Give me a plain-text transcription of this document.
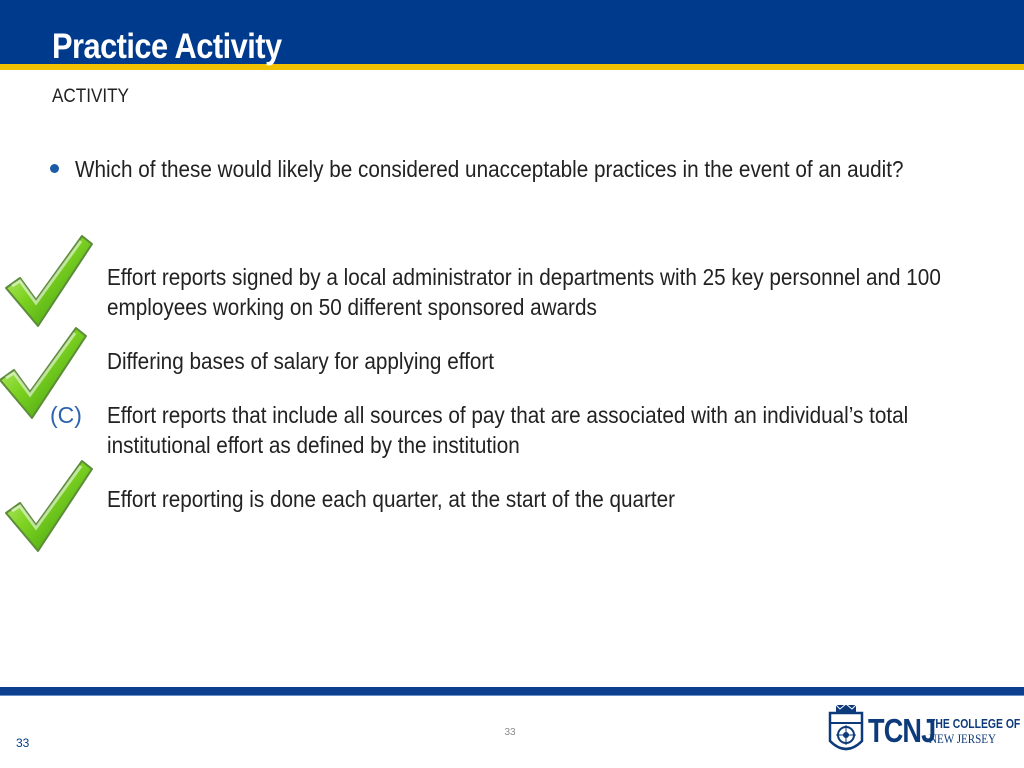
Practice Activity
ACTIVITY
Which of these would likely be considered unacceptable practices in the event of an audit?
Effort reports signed by a local administrator in departments with 25 key personnel and 100 employees working on 50 different sponsored awards
Differing bases of salary for applying effort
(C) Effort reports that include all sources of pay that are associated with an individual’s total institutional effort as defined by the institution
Effort reporting is done each quarter, at the start of the quarter
33
33	TCNJ
THE COLLEGE OF
NEW JERSEY
